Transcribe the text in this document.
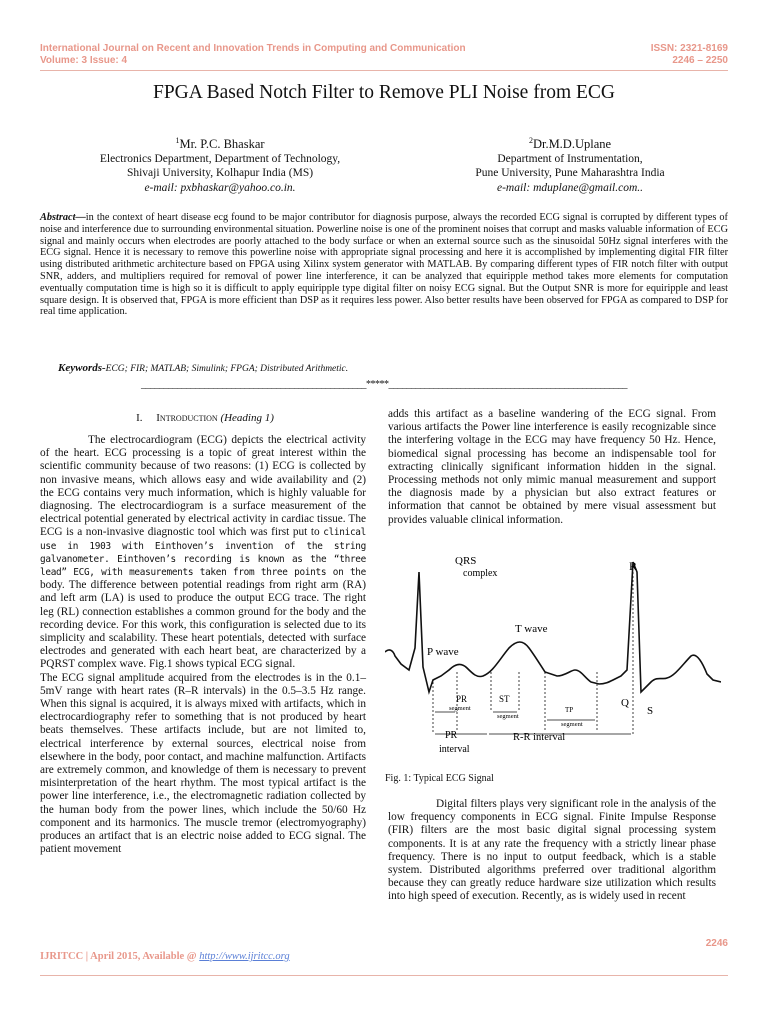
International Journal on Recent and Innovation Trends in Computing and Communication
Volume: 3 Issue: 4
ISSN: 2321-8169
2246 – 2250
FPGA Based Notch Filter to Remove PLI Noise from ECG
$^1$Mr. P.C. Bhaskar
Electronics Department, Department of Technology,
Shivaji University, Kolhapur India (MS)
e-mail: pxbhaskar@yahoo.co.in.
$^2$Dr.M.D.Uplane
Department of Instrumentation,
Pune University, Pune Maharashtra India
e-mail: mduplane@gmail.com..
Abstract—in the context of heart disease ecg found to be major contributor for diagnosis purpose, always the recorded ECG signal is corrupted by different types of noise and interference due to surrounding environmental situation. Powerline noise is one of the prominent noises that corrupt and masks valuable information of ECG signal and mainly occurs when electrodes are poorly attached to the body surface or when an external source such as the sinusoidal 50Hz signal interferes with the ECG signal. Hence it is necessary to remove this powerline noise with appropriate signal processing and here it is accomplished by implementing digital FIR filter using distributed arithmetic architecture based on FPGA using Xilinx system generator with MATLAB. By comparing different types of FIR notch filter with output SNR, adders, and multipliers required for removal of power line interference, it can be analyzed that equiripple method takes more elements for computation eventually computation time is high so it is difficult to apply equiripple type digital filter on noisy ECG signal. But the Output SNR is more for equiripple and least square design. It is observed that, FPGA is more efficient than DSP as it requires less power. Also better results have been observed for FPGA as compared to DSP for real time application.
Keywords-ECG; FIR; MATLAB; Simulink; FPGA; Distributed Arithmetic.
__________________________________________________*****_____________________________________________________
I. Introduction (Heading 1)

The electrocardiogram (ECG) depicts the electrical activity of the heart. ECG processing is a topic of great interest within the scientific community because of two reasons: (1) ECG is collected by non invasive means, which allows easy and wide availability and (2) the ECG contains very much information, which is highly valuable for diagnosing. The electrocardiogram is a surface measurement of the electrical potential generated by electrical activity in cardiac tissue. The ECG is a non-invasive diagnostic tool which was first put to clinical use in 1903 with Einthoven’s invention of the string galvanometer. Einthoven’s recording is known as the “three lead” ECG, with measurements taken from three points on the body. The difference between potential readings from right arm (RA) and left arm (LA) is used to produce the output ECG trace. The right leg (RL) connection establishes a common ground for the body and the recording device. For this work, this configuration is selected due to its simplicity and scalability. These heart potentials, detected with surface electrodes and generated with each heart beat, are characterized by a PQRST complex wave. Fig.1 shows typical ECG signal.

The ECG signal amplitude acquired from the electrodes is in the 0.1–5mV range with heart rates (R–R intervals) in the 0.5–3.5 Hz range. When this signal is acquired, it is always mixed with artifacts, which in electrocardiography refer to something that is not produced by heart beats themselves. These artifacts include, but are not limited to, electrical interference by external sources, electrical noise from elsewhere in the body, poor contact, and machine malfunction. Artifacts are extremely common, and knowledge of them is necessary to prevent misinterpretation of the heart rhythm. The most typical artifact is the power line interference, i.e., the electromagnetic radiation collected by the human body from the power lines, which include the 50/60 Hz component and its harmonics. The muscle tremor (electromyography) produces an artifact that is an electric noise added to ECG signal. The patient movement

adds this artifact as a baseline wandering of the ECG signal. From various artifacts the Power line interference is easily recognizable since the interfering voltage in the ECG may have frequency 50 Hz. Hence, biomedical signal processing has become an indispensable tool for extracting clinically significant information hidden in the signal. Processing methods not only mimic manual measurement and support the diagnosis made by a physician but also extract features or information that cannot be obtained by mere visual assessment but provides valuable clinical information.

QRS
complex
R
T wave
P wave
PR
segment
ST
segment
TP
segment
Q
S
PR
interval
R-R interval
Fig. 1: Typical ECG Signal

Digital filters plays very significant role in the analysis of the low frequency components in ECG signal. Finite Impulse Response (FIR) filters are the most basic digital signal processing system components. It is at any rate the frequency with a strictly linear phase frequency. There is no input to output feedback, which is a stable system. Distributed algorithms preferred over traditional algorithm because they can greatly reduce hardware size utilization which results into high speed of execution. Recently, as is widely used in recent

2246
IJRITCC | April 2015, Available @ http://www.ijritcc.org
